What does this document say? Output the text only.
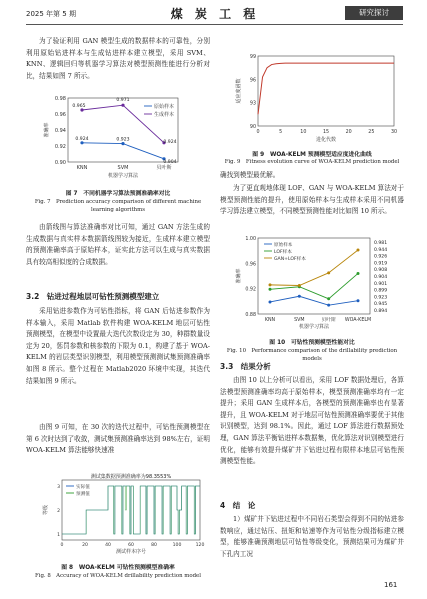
2025 年第 5 期	煤 炭 工 程	研究探讨

为了验证利用 GAN 模型生成的数据样本的可靠性，分别利用原始钻进样本与生成钻进样本建立模型，采用 SVM、KNN、逻辑回归等机器学习算法对模型预测性能进行分析对比，结果如图 7 所示。

0.90
0.92
0.94
0.96
0.98
KNN	SVM	贝叶斯
机器学习算法
准确率
原始样本
生成样本
0.965
0.971
0.924
0.924	0.923
0.904
图 7　不同机器学习算法预测准确率对比
Fig. 7　Prediction accuracy comparison of different machine learning algorithms

由箭线图与算法准确率对比可知，通过 GAN 方法生成的生成数据与真实样本数据箭线图较为接近，生成样本建立模型的预测准确率高于原始样本，证实此方法可以生成与真实数据具有较高相似度的合成数据。

3.2　钻进过程地层可钻性预测模型建立

采用钻进参数作为可钻性指标，将 GAN 后钻进参数作为样本输入，采用 Matlab 软件构建 WOA-KELM 地层可钻性预测模型，在模型中设置最大迭代次数设定为 30，种群数量设定为 20，惩罚参数和核参数的下限为 0.1，构建了基于 WOA-KELM 的岩层类型识别模型，利用模型预测测试集预测准确率如图 8 所示。整个过程在 Matlab2020 环境中实现，其迭代结果如图 9 所示。

由图 9 可知，在 30 次的迭代过程中，可钻性预测模型在第 6 次时达到了收敛，测试集预测准确率达到 98%左右，证明 WOA-KELM 算法能够快速准

测试集数据预测准确率为98.3553%
0	20	40	60	80	100	120
1
2
3
测试样本序号
等级
实际值
预测值
图 8　WOA-KELM 可钻性预测模型准确率
Fig. 8　Accuracy of WOA-KELM drillability prediction model
0	5	10	15	20	25	30
90
93
96
99
进化代数
适应度函数
图 9　WOA-KELM 预测模型适应度进化曲线
Fig. 9　Fitness evolution curve of WOA-KELM prediction model

确找到模型最优解。

为了更直观地体现 LOF、GAN 与 WOA-KELM 算法对于模型预测性能的提升，使用原始样本与生成样本采用不同机器学习算法建立模型，不同模型预测性能对比如图 10 所示。

0.88
0.92
0.96
1.00
KNN	SVM	贝叶斯 WOA-KELM
机器学习算法
准确率
原始样本
LOF样本
GAN+LOF样本
0.981
0.944
0.926
0.919
0.908
0.904
0.901
0.899
0.923
0.945
0.894
图 10　可钻性预测模型性能对比
Fig. 10　Performance comparison of the drillability prediction models

3.3　结果分析

由图 10 以上分析可以看出，采用 LOF 数据处理后，各算法模型预测准确率均高于原始样本，模型预测准确率均有一定提升；采用 GAN 生成样本后，各模型的预测准确率也有显著提升，且 WOA-KELM 对于地层可钻性预测准确率要优于其他识别模型，达到 98.1%。因此，通过 LOF 算法进行数据预处理，GAN 算法平衡钻进样本数据集，优化算法对识别模型进行优化，能够有效提升煤矿井下钻进过程有限样本地层可钻性预测模型性能。

4　结　论

1）煤矿井下钻进过程中不同岩石类型会得到不同的钻进参数响应，通过钻压、扭矩和钻速等作为可钻性分级指标建立模型，能够准确预测地层可钻性等级变化，预测结果可为煤矿井下孔内工况

161
